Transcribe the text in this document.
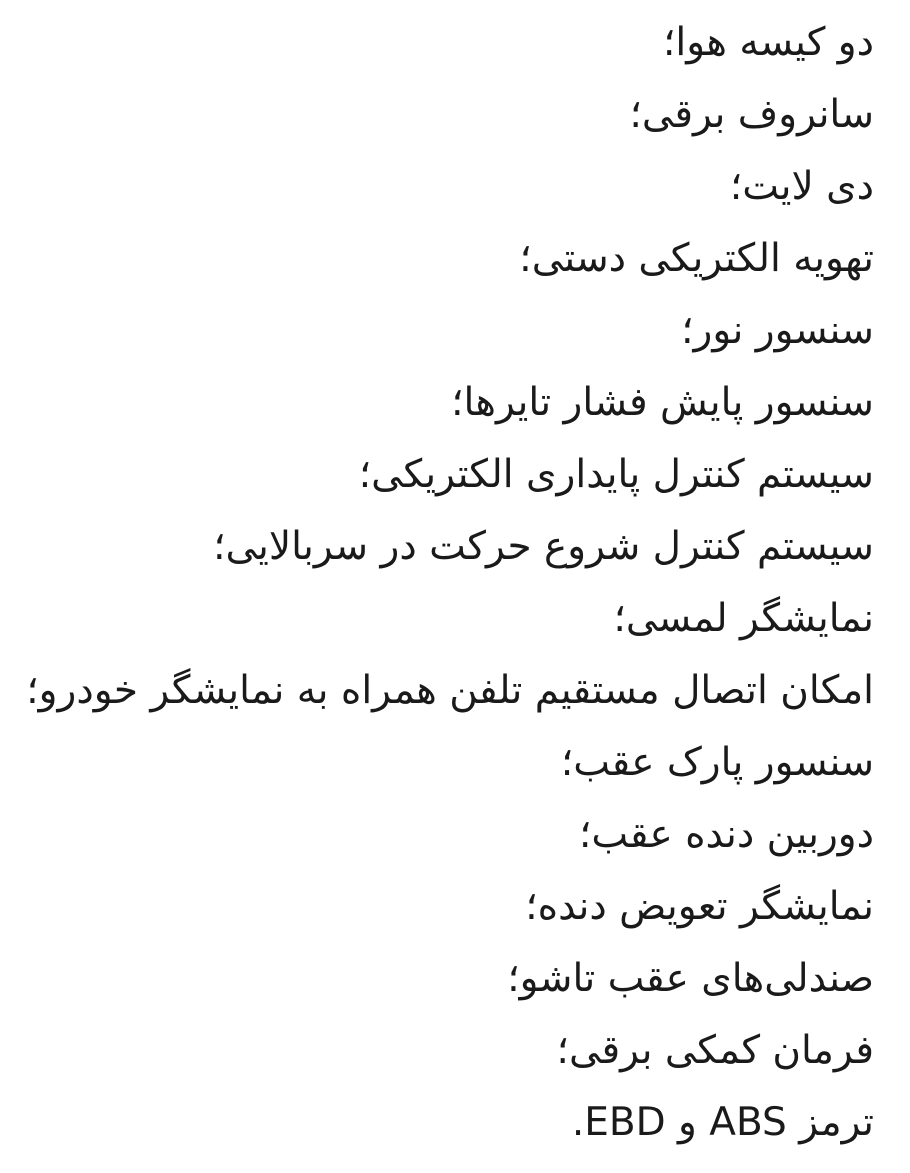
دو کیسه هوا؛
سانروف برقی؛
دی لایت؛
تهویه الکتریکی دستی؛
سنسور نور؛
سنسور پایش فشار تایرها؛
سیستم کنترل پایداری الکتریکی؛
سیستم کنترل شروع حرکت در سربالایی؛
نمایشگر لمسی؛
امکان اتصال مستقیم تلفن همراه به نمایشگر خودرو؛
سنسور پارک عقب؛
دوربین دنده عقب؛
نمایشگر تعویض دنده؛
صندلی‌های عقب تاشو؛
فرمان کمکی برقی؛
ترمز ABS و EBD.
